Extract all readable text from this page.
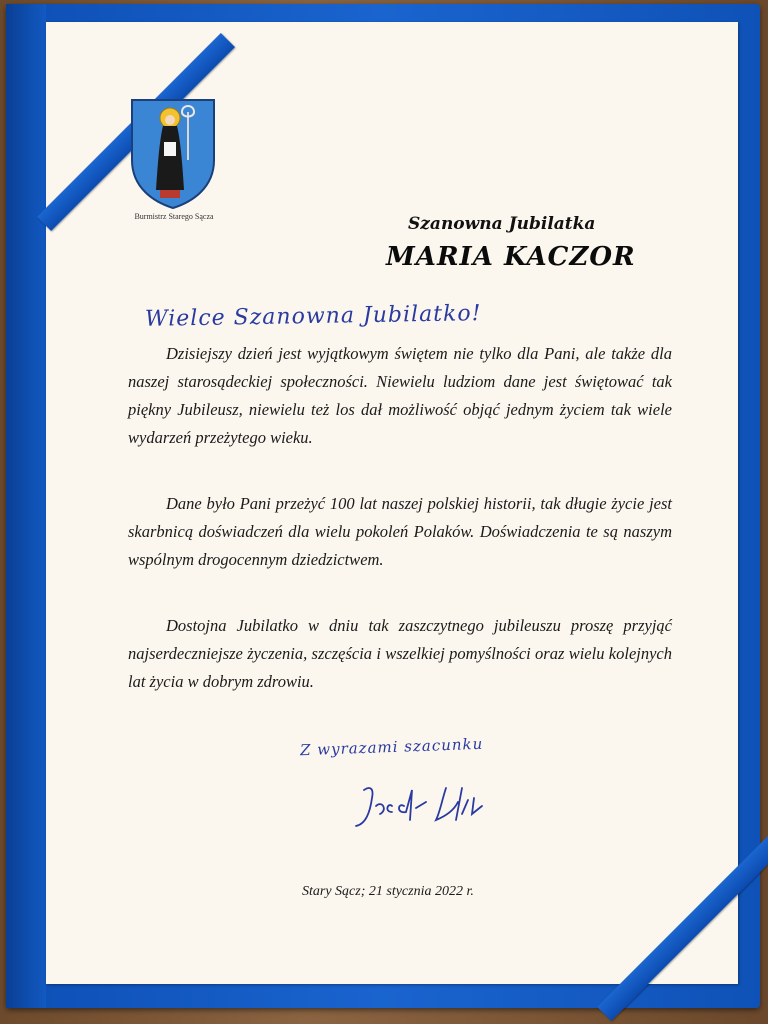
Burmistrz Starego Sącza	Szanowna Jubilatka
MARIA KACZOR
Wielce Szanowna Jubilatko!

Dzisiejszy dzień jest wyjątkowym świętem nie tylko dla Pani, ale także dla naszej starosądeckiej społeczności. Niewielu ludziom dane jest świętować tak piękny Jubileusz, niewielu też los dał możliwość objąć jednym życiem tak wiele wydarzeń przeżytego wieku.

Dane było Pani przeżyć 100 lat naszej polskiej historii, tak długie życie jest skarbnicą doświadczeń dla wielu pokoleń Polaków. Doświadczenia te są naszym wspólnym drogocennym dziedzictwem.

Dostojna Jubilatko w dniu tak zaszczytnego jubileuszu proszę przyjąć najserdeczniejsze życzenia, szczęścia i wszelkiej pomyślności oraz wielu kolejnych lat życia w dobrym zdrowiu.

Z wyrazami szacunku
Stary Sącz; 21 stycznia 2022 r.
